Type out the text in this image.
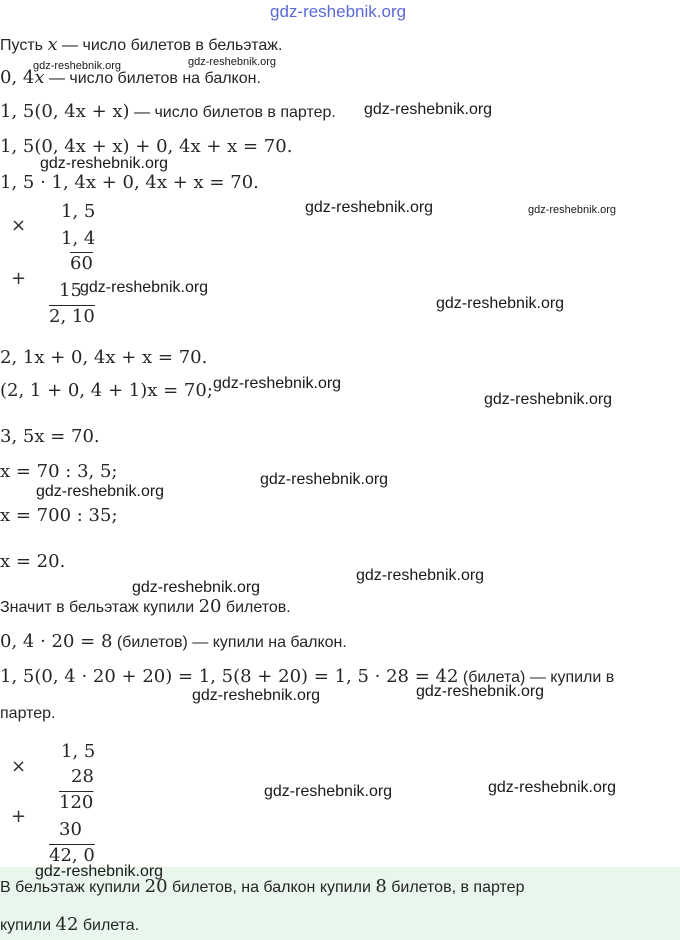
gdz-reshebnik.org
Пусть x — число билетов в бельэтаж.
0, 4x — число билетов на балкон.
1, 5(0, 4x + x) — число билетов в партер.
1, 5(0, 4x + x) + 0, 4x + x = 70.
1, 5 · 1, 4x + 0, 4x + x = 70.
×
1, 5
1, 4
60
+
15
2, 10
2, 1x + 0, 4x + x = 70.
(2, 1 + 0, 4 + 1)x = 70;
3, 5x = 70.
x = 70 : 3, 5;
x = 700 : 35;
x = 20.
Значит в бельэтаж купили 20 билетов.
0, 4 · 20 = 8 (билетов) — купили на балкон.
1, 5(0, 4 · 20 + 20) = 1, 5(8 + 20) = 1, 5 · 28 = 42 (билета) — купили в
партер.
1, 5
× 28
120
+
30
42, 0
В бельэтаж купили 20 билетов, на балкон купили 8 билетов, в партер
купили 42 билета.
gdz-reshebnik.org	gdz-reshebnik.org
gdz-reshebnik.org
gdz-reshebnik.org
gdz-reshebnik.org	gdz-reshebnik.org
gdz-reshebnik.org
gdz-reshebnik.org
gdz-reshebnik.org
gdz-reshebnik.org
gdz-reshebnik.org
gdz-reshebnik.org
gdz-reshebnik.org
gdz-reshebnik.org
gdz-reshebnik.org
gdz-reshebnik.org
gdz-reshebnik.org
gdz-reshebnik.org
gdz-reshebnik.org
